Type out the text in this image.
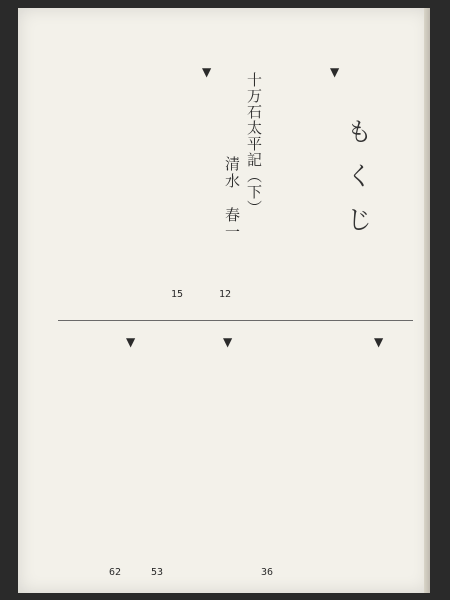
もくじ
十万石太平記（下）
清水　春一
▼
▼
▼
▼
▼
12
15
36
53
62
